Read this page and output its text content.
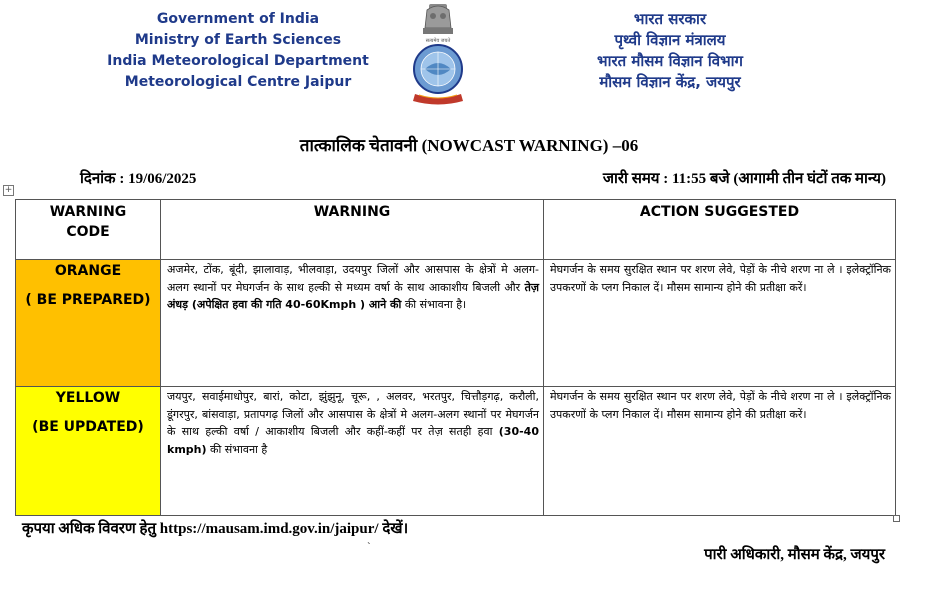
Government of India
Ministry of Earth Sciences
India Meteorological Department
Meteorological Centre Jaipur
सत्यमेव जयते
भारत सरकार
पृथ्वी विज्ञान मंत्रालय
भारत मौसम विज्ञान विभाग
मौसम विज्ञान केंद्र, जयपुर
तात्कालिक चेतावनी (NOWCAST WARNING) –06
दिनांक : 19/06/2025	जारी समय : 11:55 बजे (आगामी तीन घंटों तक मान्य)
+
WARNING
CODE	WARNING	ACTION SUGGESTED
ORANGE
( BE PREPARED)	अजमेर, टोंक, बूंदी, झालावाड़, भीलवाड़ा, उदयपुर जिलों और आसपास के क्षेत्रों मे अलग-अलग स्थानों पर मेघगर्जन के साथ हल्की से मध्यम वर्षा के साथ आकाशीय बिजली और तेज़ अंधड़ (अपेक्षित हवा की गति 40-60Kmph ) आने की की संभावना है।	मेघगर्जन के समय सुरक्षित स्थान पर शरण लेवे, पेड़ों के नीचे शरण ना ले । इलेक्ट्रॉनिक उपकरणों के प्लग निकाल दें। मौसम सामान्य होने की प्रतीक्षा करें।
YELLOW
(BE UPDATED)	जयपुर, सवाईमाधोपुर, बारां, कोटा, झुंझुनू, चूरू, , अलवर, भरतपुर, चित्तौड़गढ़, करौली, डूंगरपुर, बांसवाड़ा, प्रतापगढ़ जिलों और आसपास के क्षेत्रों मे अलग-अलग स्थानों पर मेघगर्जन के साथ हल्की वर्षा / आकाशीय बिजली और कहीं-कहीं पर तेज़ सतही हवा (30-40 kmph) की संभावना है	मेघगर्जन के समय सुरक्षित स्थान पर शरण लेवे, पेड़ों के नीचे शरण ना ले । इलेक्ट्रॉनिक उपकरणों के प्लग निकाल दें। मौसम सामान्य होने की प्रतीक्षा करें।
कृपया अधिक विवरण हेतु https://mausam.imd.gov.in/jaipur/ देखें।
`	पारी अधिकारी, मौसम केंद्र, जयपुर
